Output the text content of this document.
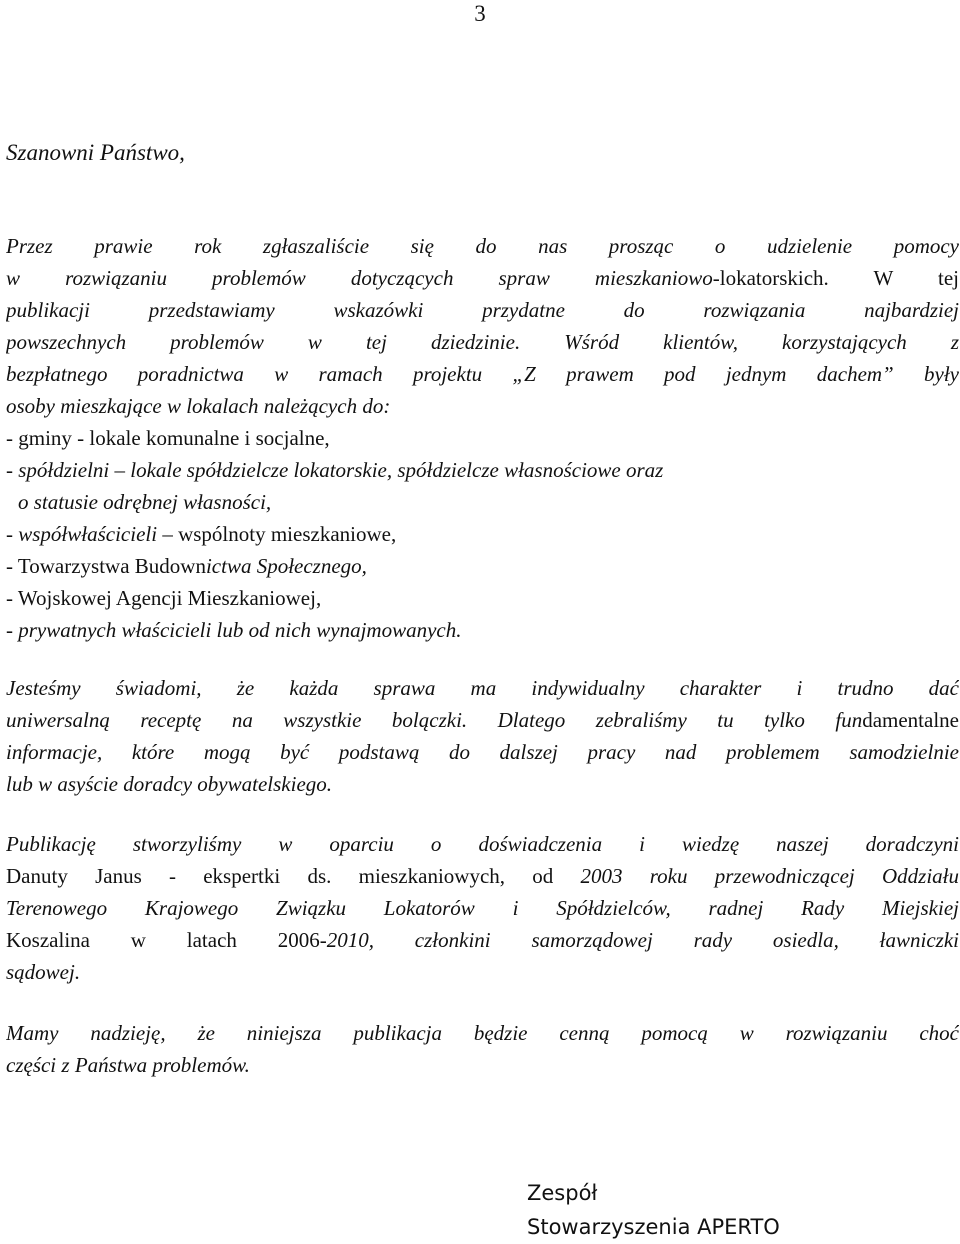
3
Szanowni Państwo,
Przez prawie rok zgłaszaliście się do nas prosząc o udzielenie pomocy
w rozwiązaniu problemów dotyczących spraw mieszkaniowo-lokatorskich. W tej
publikacji przedstawiamy wskazówki przydatne do rozwiązania najbardziej
powszechnych problemów w tej dziedzinie. Wśród klientów, korzystających z
bezpłatnego poradnictwa w ramach projektu „Z prawem pod jednym dachem” były
osoby mieszkające w lokalach należących do:
- gminy - lokale komunalne i socjalne,
- spółdzielni – lokale spółdzielcze lokatorskie, spółdzielcze własnościowe oraz
o statusie odrębnej własności,
- współwłaścicieli – wspólnoty mieszkaniowe,
- Towarzystwa Budownictwa Społecznego,
- Wojskowej Agencji Mieszkaniowej,
- prywatnych właścicieli lub od nich wynajmowanych.
Jesteśmy świadomi, że każda sprawa ma indywidualny charakter i trudno dać
uniwersalną receptę na wszystkie bolączki. Dlatego zebraliśmy tu tylko fundamentalne
informacje, które mogą być podstawą do dalszej pracy nad problemem samodzielnie
lub w asyście doradcy obywatelskiego.
Publikację stworzyliśmy w oparciu o doświadczenia i wiedzę naszej doradczyni
Danuty Janus - ekspertki ds. mieszkaniowych, od 2003 roku przewodniczącej Oddziału
Terenowego Krajowego Związku Lokatorów i Spółdzielców, radnej Rady Miejskiej
Koszalina w latach 2006-2010, członkini samorządowej rady osiedla, ławniczki
sądowej.
Mamy nadzieję, że niniejsza publikacja będzie cenną pomocą w rozwiązaniu choć
części z Państwa problemów.
Zespół
Stowarzyszenia APERTO
